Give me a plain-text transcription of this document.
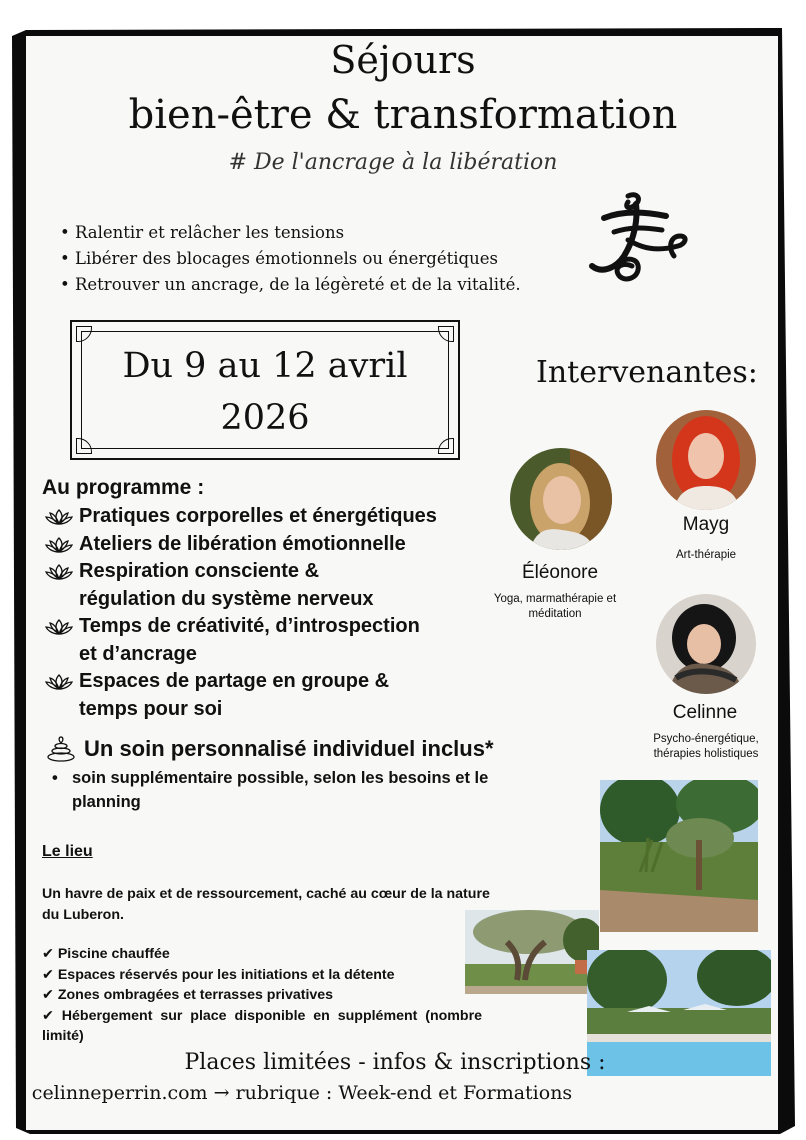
Séjours
bien-être & transformation
# De l'ancrage à la libération
• Ralentir et relâcher les tensions
• Libérer des blocages émotionnels ou énergétiques
• Retrouver un ancrage, de la légèreté et de la vitalité.
Du 9 au 12 avril
2026
Intervenantes:
Éléonore
Yoga, marmathérapie et méditation
Mayg
Art-thérapie
Celinne
Psycho-énergétique,
thérapies holistiques
Au programme :
Pratiques corporelles et énergétiques
Ateliers de libération émotionnelle
Respiration consciente &
régulation du système nerveux
Temps de créativité, d’introspection
et d’ancrage
Espaces de partage en groupe &
temps pour soi
Un soin personnalisé individuel inclus*
• soin supplémentaire possible, selon les besoins et le planning
Le lieu
Un havre de paix et de ressourcement, caché au cœur de la nature du Luberon.
✔ Piscine chauffée
✔ Espaces réservés pour les initiations et la détente
✔ Zones ombragées et terrasses privatives
✔ Hébergement sur place disponible en supplément (nombre limité)
Places limitées - infos & inscriptions :
celinneperrin.com → rubrique : Week-end et Formations
